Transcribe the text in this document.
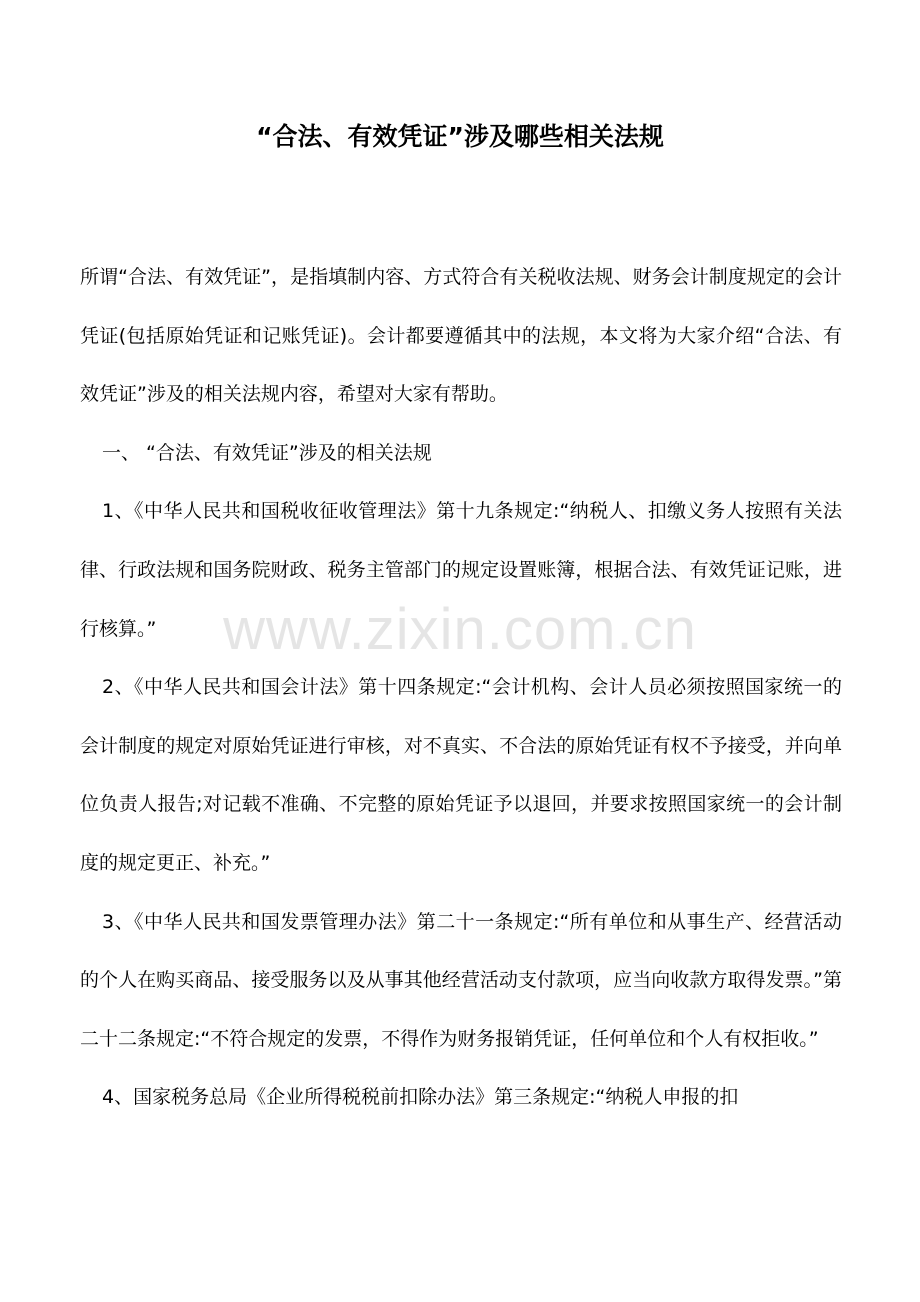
“合法、有效凭证”涉及哪些相关法规

所谓“合法、有效凭证”，是指填制内容、方式符合有关税收法规、财务会计制度规定的会计凭证(包括原始凭证和记账凭证)。会计都要遵循其中的法规，本文将为大家介绍“合法、有效凭证”涉及的相关法规内容，希望对大家有帮助。

一、 “合法、有效凭证”涉及的相关法规

1、《中华人民共和国税收征收管理法》第十九条规定:“纳税人、扣缴义务人按照有关法律、行政法规和国务院财政、税务主管部门的规定设置账簿，根据合法、有效凭证记账，进行核算。”

2、《中华人民共和国会计法》第十四条规定:“会计机构、会计人员必须按照国家统一的会计制度的规定对原始凭证进行审核，对不真实、不合法的原始凭证有权不予接受，并向单位负责人报告;对记载不准确、不完整的原始凭证予以退回，并要求按照国家统一的会计制度的规定更正、补充。”

3、《中华人民共和国发票管理办法》第二十一条规定:“所有单位和从事生产、经营活动的个人在购买商品、接受服务以及从事其他经营活动支付款项，应当向收款方取得发票。”第二十二条规定:“不符合规定的发票，不得作为财务报销凭证，任何单位和个人有权拒收。”

4、国家税务总局《企业所得税税前扣除办法》第三条规定:“纳税人申报的扣

www.zixin.com.cn
